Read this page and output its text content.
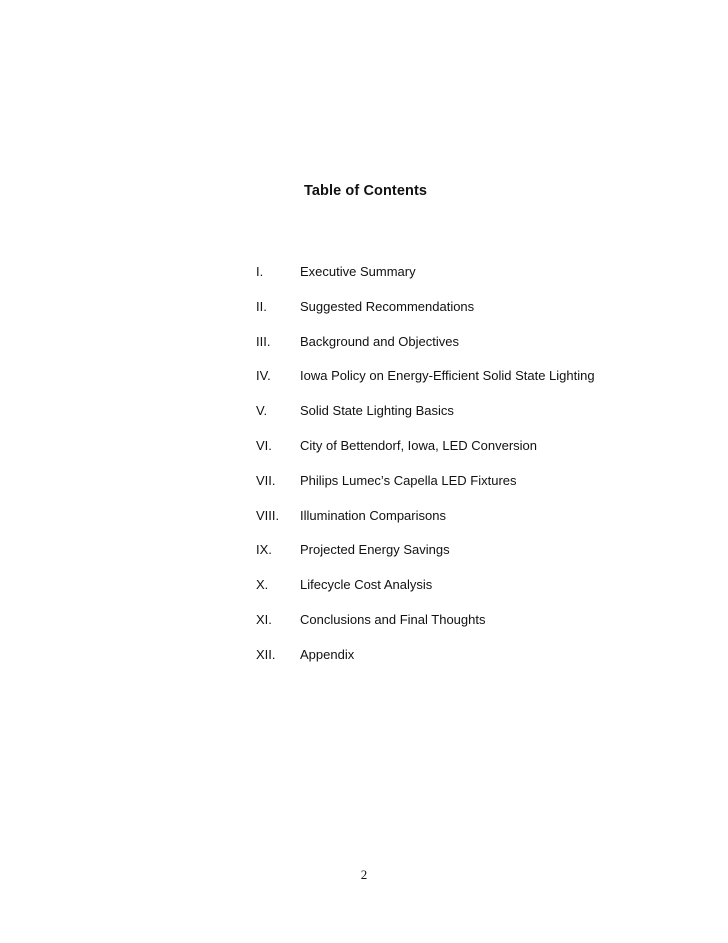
Table of Contents
I.	Executive Summary
II.	Suggested Recommendations
III.	Background and Objectives
IV.	Iowa Policy on Energy-Efficient Solid State Lighting
V.	Solid State Lighting Basics
VI.	City of Bettendorf, Iowa, LED Conversion
VII.	Philips Lumec’s Capella LED Fixtures
VIII.	Illumination Comparisons
IX.	Projected Energy Savings
X.	Lifecycle Cost Analysis
XI.	Conclusions and Final Thoughts
XII.	Appendix
2
